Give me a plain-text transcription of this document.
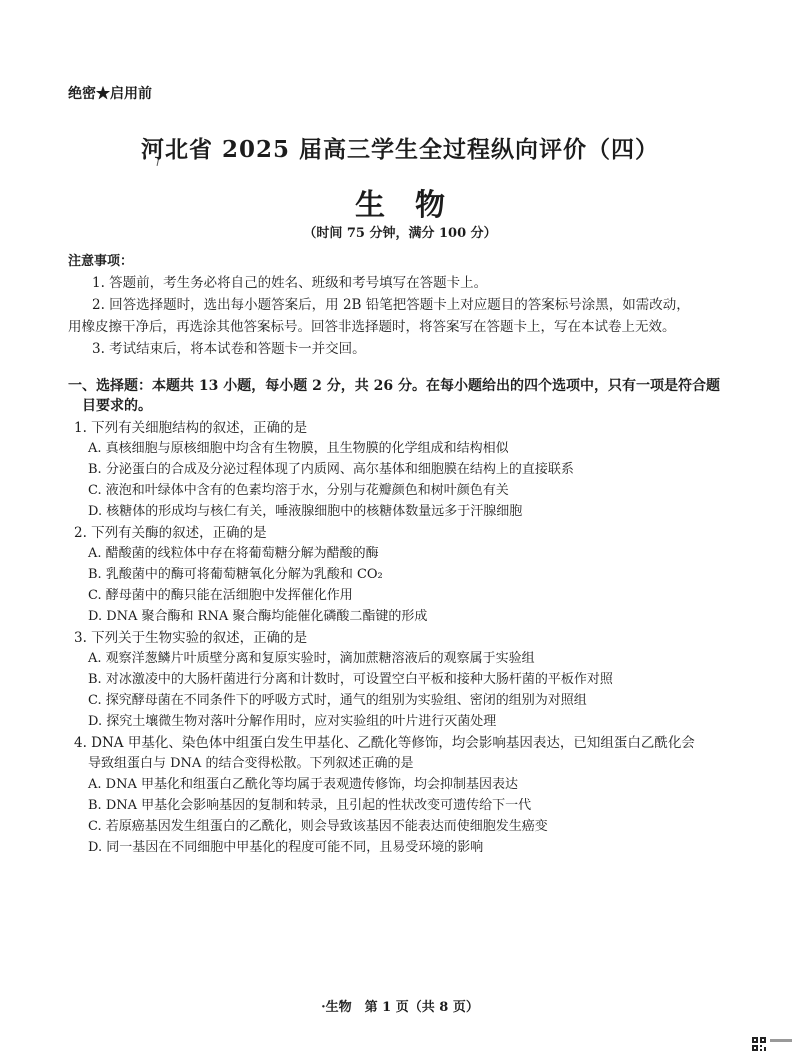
绝密★启用前
河北省 2025 届高三学生全过程纵向评价（四）
生物
（时间 75 分钟，满分 100 分）
注意事项：
1. 答题前，考生务必将自己的姓名、班级和考号填写在答题卡上。
2. 回答选择题时，选出每小题答案后，用 2B 铅笔把答题卡上对应题目的答案标号涂黑，如需改动，
用橡皮擦干净后，再选涂其他答案标号。回答非选择题时，将答案写在答题卡上，写在本试卷上无效。
3. 考试结束后，将本试卷和答题卡一并交回。
一、选择题：本题共 13 小题，每小题 2 分，共 26 分。在每小题给出的四个选项中，只有一项是符合题
目要求的。
1. 下列有关细胞结构的叙述，正确的是
A. 真核细胞与原核细胞中均含有生物膜，且生物膜的化学组成和结构相似
B. 分泌蛋白的合成及分泌过程体现了内质网、高尔基体和细胞膜在结构上的直接联系
C. 液泡和叶绿体中含有的色素均溶于水，分别与花瓣颜色和树叶颜色有关
D. 核糖体的形成均与核仁有关，唾液腺细胞中的核糖体数量远多于汗腺细胞
2. 下列有关酶的叙述，正确的是
A. 醋酸菌的线粒体中存在将葡萄糖分解为醋酸的酶
B. 乳酸菌中的酶可将葡萄糖氧化分解为乳酸和 CO₂
C. 酵母菌中的酶只能在活细胞中发挥催化作用
D. DNA 聚合酶和 RNA 聚合酶均能催化磷酸二酯键的形成
3. 下列关于生物实验的叙述，正确的是
A. 观察洋葱鳞片叶质壁分离和复原实验时，滴加蔗糖溶液后的观察属于实验组
B. 对冰激凌中的大肠杆菌进行分离和计数时，可设置空白平板和接种大肠杆菌的平板作对照
C. 探究酵母菌在不同条件下的呼吸方式时，通气的组别为实验组、密闭的组别为对照组
D. 探究土壤微生物对落叶分解作用时，应对实验组的叶片进行灭菌处理
4. DNA 甲基化、染色体中组蛋白发生甲基化、乙酰化等修饰，均会影响基因表达，已知组蛋白乙酰化会
导致组蛋白与 DNA 的结合变得松散。下列叙述正确的是
A. DNA 甲基化和组蛋白乙酰化等均属于表观遗传修饰，均会抑制基因表达
B. DNA 甲基化会影响基因的复制和转录，且引起的性状改变可遗传给下一代
C. 若原癌基因发生组蛋白的乙酰化，则会导致该基因不能表达而使细胞发生癌变
D. 同一基因在不同细胞中甲基化的程度可能不同，且易受环境的影响
·生物　第 1 页（共 8 页）
